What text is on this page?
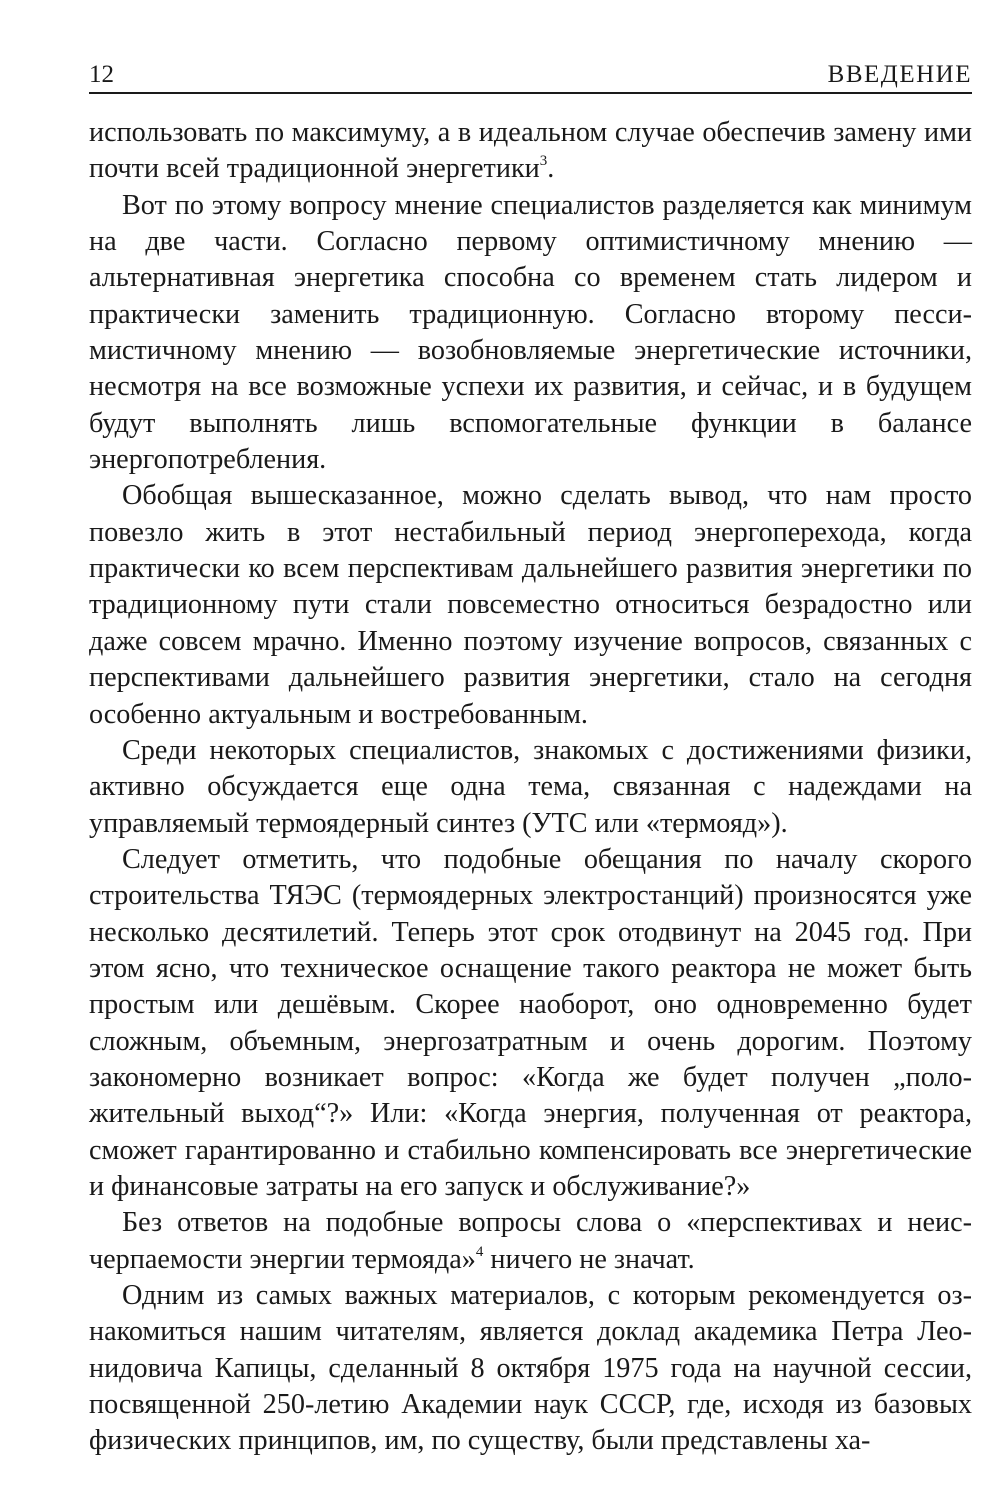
12	ВВЕДЕНИЕ

использовать по максимуму, а в идеальном случае обеспечив замену ими почти всей традиционной энергетики$^3$.

Вот по этому вопросу мнение специалистов разделяется как минимум на две части. Согласно первому оптимистичному мнению — альтернативная энергетика способна со временем стать лидером и практически заменить традиционную. Согласно второму пессимистичному мнению — возобновляемые энергетические источники, несмотря на все возможные успехи их развития, и сейчас, и в будущем будут выполнять лишь вспомогательные функции в балансе энергопотребления.

Обобщая вышесказанное, можно сделать вывод, что нам просто повезло жить в этот нестабильный период энергоперехода, когда практически ко всем перспективам дальнейшего развития энергетики по традиционному пути стали повсеместно относиться безрадостно или даже совсем мрачно. Именно поэтому изучение вопросов, связанных с перспективами дальнейшего развития энергетики, стало на сегодня особенно актуальным и востребованным.

Среди некоторых специалистов, знакомых с достижениями физики, активно обсуждается еще одна тема, связанная с надеждами на управляемый термоядерный синтез (УТС или «термояд»).

Следует отметить, что подобные обещания по началу скорого строительства ТЯЭС (термоядерных электростанций) произносятся уже несколько десятилетий. Теперь этот срок отодвинут на 2045 год. При этом ясно, что техническое оснащение такого реактора не может быть простым или дешёвым. Скорее наоборот, оно одновременно будет сложным, объемным, энергозатратным и очень дорогим. Поэтому закономерно возникает вопрос: «Когда же будет получен „положительный выход“?» Или: «Когда энергия, полученная от реактора, сможет гарантированно и стабильно компенсировать все энергетические и финансовые затраты на его запуск и обслуживание?»

Без ответов на подобные вопросы слова о «перспективах и неисчерпаемости энергии термояда»$^4$ ничего не значат.

Одним из самых важных материалов, с которым рекомендуется ознакомиться нашим читателям, является доклад академика Петра Леонидовича Капицы, сделанный 8 октября 1975 года на научной сессии, посвященной 250-летию Академии наук СССР, где, исходя из базовых физических принципов, им, по существу, были представлены ха-
